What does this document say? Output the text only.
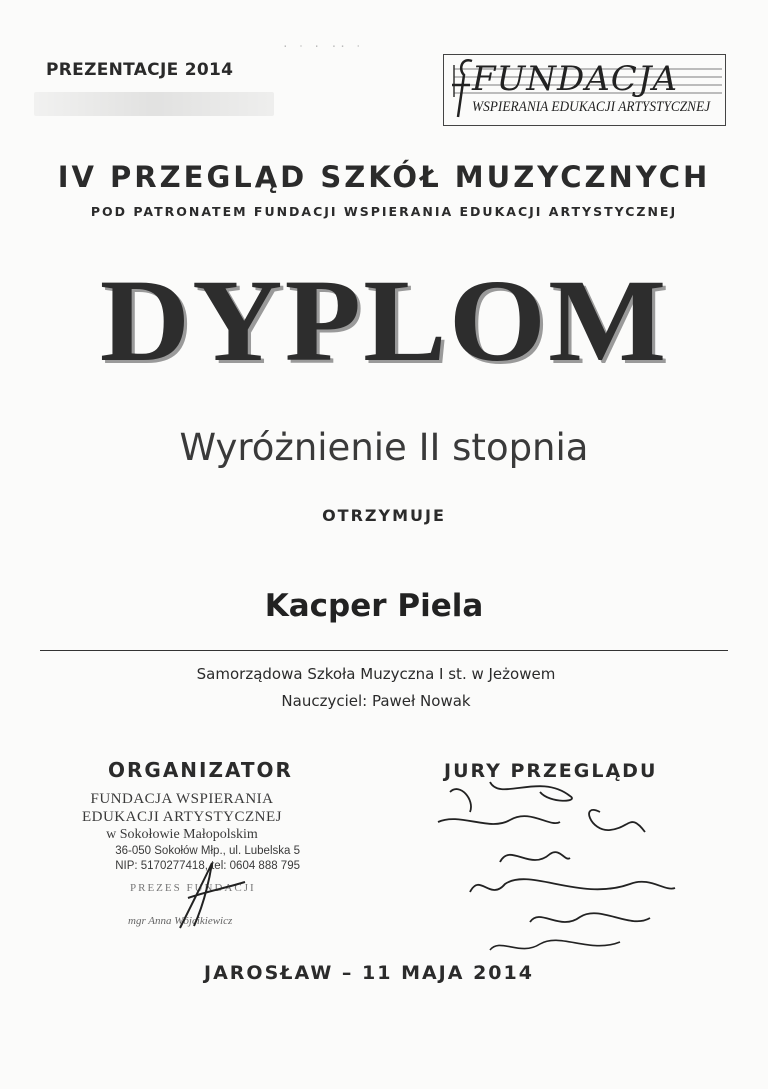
PREZENTACJE 2014
· ‧ · ·· ‧
FUNDACJA
WSPIERANIA EDUKACJI ARTYSTYCZNEJ
IV PRZEGLĄD SZKÓŁ MUZYCZNYCH
POD PATRONATEM FUNDACJI WSPIERANIA EDUKACJI ARTYSTYCZNEJ
DYPLOM
Wyróżnienie II stopnia
OTRZYMUJE
Kacper Piela
Samorządowa Szkoła Muzyczna I st. w Jeżowem
Nauczyciel: Paweł Nowak
ORGANIZATOR	JURY PRZEGLĄDU
FUNDACJA WSPIERANIA
EDUKACJI ARTYSTYCZNEJ
w Sokołowie Małopolskim
36-050 Sokołów Młp., ul. Lubelska 5
NIP: 5170277418, tel: 0604 888 795
PREZES FUNDACJI
mgr Anna Wójcikiewicz
JAROSŁAW – 11 MAJA 2014
